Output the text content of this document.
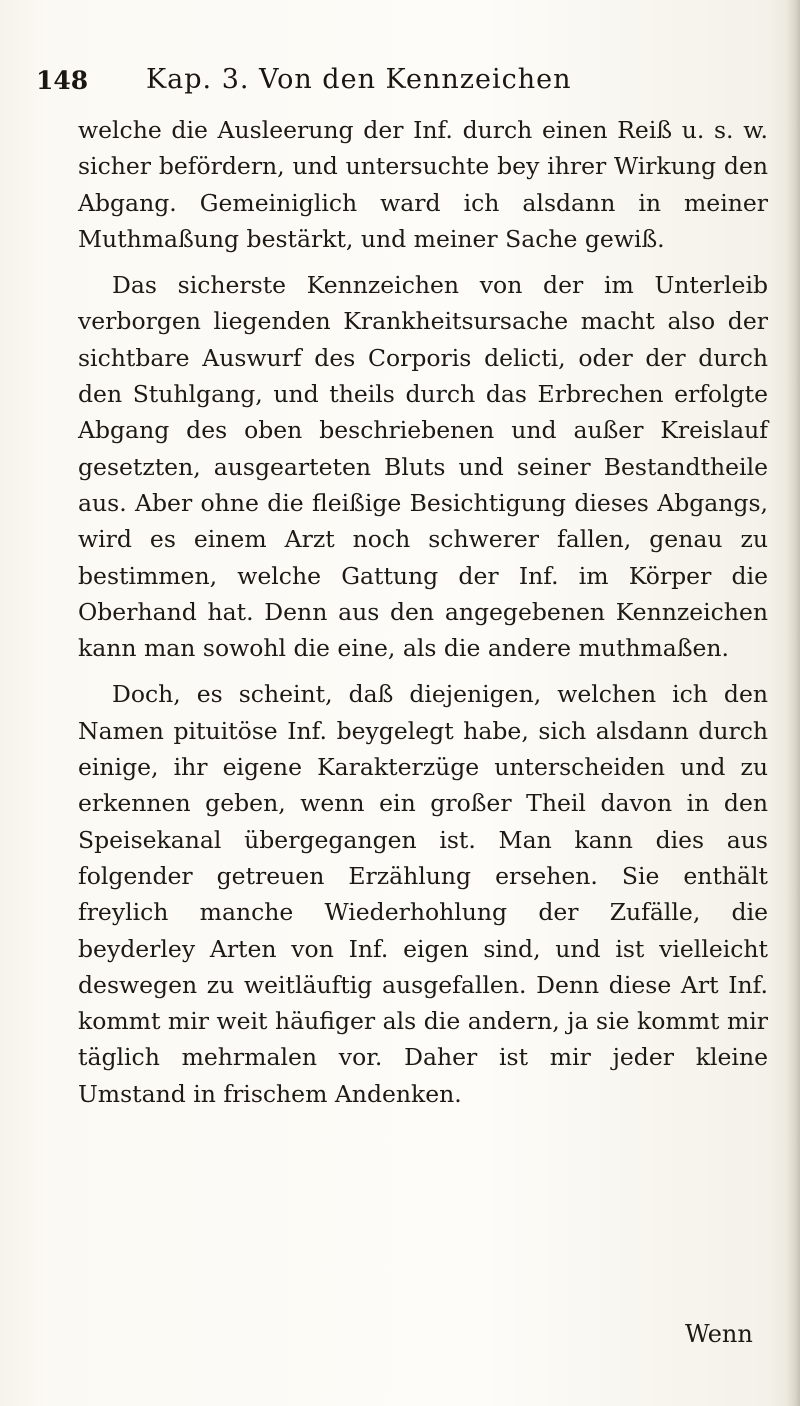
148 Kap. 3. Von den Kennzeichen

welche die Ausleerung der Inf. durch einen Reiß u. s. w. sicher befördern, und untersuchte bey ihrer Wirkung den Abgang. Gemeiniglich ward ich alsdann in meiner Muthmaßung bestärkt, und meiner Sache gewiß.

Das sicherste Kennzeichen von der im Unterleib verborgen liegenden Krankheitsursache macht also der sichtbare Auswurf des Corporis delicti, oder der durch den Stuhlgang, und theils durch das Erbrechen erfolgte Abgang des oben beschriebenen und außer Kreislauf gesetzten, ausgearteten Bluts und seiner Bestandtheile aus. Aber ohne die fleißige Besichtigung dieses Abgangs, wird es einem Arzt noch schwerer fallen, genau zu bestimmen, welche Gattung der Inf. im Körper die Oberhand hat. Denn aus den angegebenen Kennzeichen kann man sowohl die eine, als die andere muthmaßen.

Doch, es scheint, daß diejenigen, welchen ich den Namen pituitöse Inf. beygelegt habe, sich alsdann durch einige, ihr eigene Karakterzüge unterscheiden und zu erkennen geben, wenn ein großer Theil davon in den Speisekanal übergegangen ist. Man kann dies aus folgender getreuen Erzählung ersehen. Sie enthält freylich manche Wiederhohlung der Zufälle, die beyderley Arten von Inf. eigen sind, und ist vielleicht deswegen zu weitläuftig ausgefallen. Denn diese Art Inf. kommt mir weit häufiger als die andern, ja sie kommt mir täglich mehrmalen vor. Daher ist mir jeder kleine Umstand in frischem Andenken.

Wenn
